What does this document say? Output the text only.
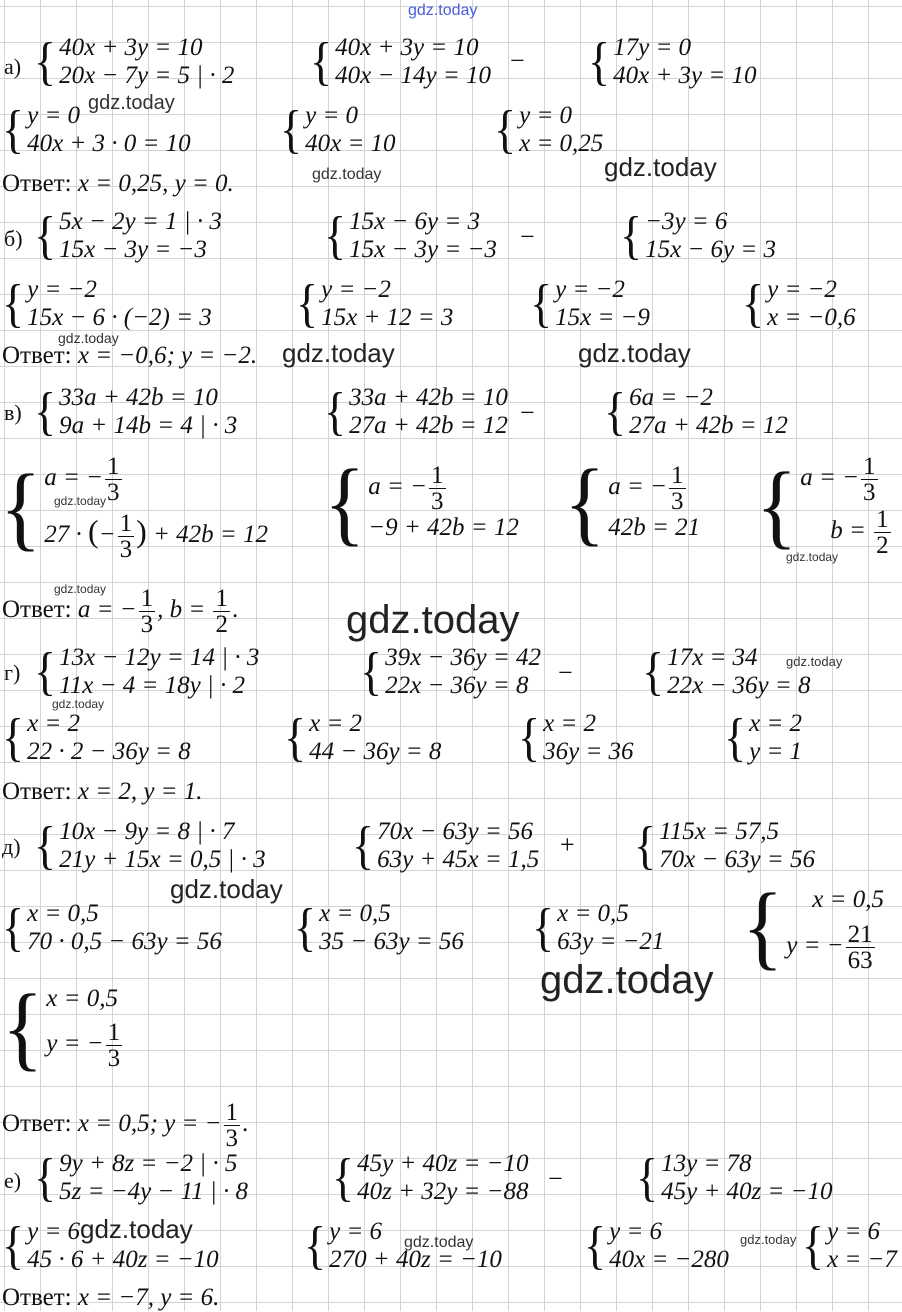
а) { 40x + 3y = 10
20x − 7y = 5 | · 2 { 40x + 3y = 10
40x − 14y = 10
− { 17y = 0
40x + 3y = 10
{ y = 0
40x + 3 · 0 = 10 { y = 0
40x = 10 { y = 0
x = 0,25
Ответ: x = 0,25, y = 0.
б) { 5x − 2y = 1 | · 3
15x − 3y = −3	{ 15x − 6y = 3
15x − 3y = −3 − { −3y = 6
15x − 6y = 3
{ y = −2
15x − 6 · (−2) = 3 { y = −2
15x + 12 = 3 { y = −2
15x = −9 { y = −2
x = −0,6
Ответ: x = −0,6; y = −2.
в) { 33a + 42b = 10
9a + 14b = 4 | · 3 { 33a + 42b = 10
27a + 42b = 12 − { 6a = −2
27a + 42b = 12
{ a = − $\frac{1}{3}$
27 · (− $\frac{1}{3}$ ) + 42b = 12 { a = − $\frac{1}{3}$
−9 + 42b = 12 { a = − $\frac{1}{3}$
42b = 21 { a = − $\frac{1}{3}$
$b = \frac{1}{2}$
Ответ: a = − $\frac{1}{3}$ , $b = \frac{1}{2}$ .
г) { 13x − 12y = 14 | · 3
11x − 4 = 18y | · 2	{ 39x − 36y = 42
22x − 36y = 8	− { 17x = 34
22x − 36y = 8
{ x = 2
22 · 2 − 36y = 8 { x = 2
44 − 36y = 8 { x = 2
36y = 36 { x = 2
y = 1
Ответ: x = 2, y = 1.
д) { 10x − 9y = 8 | · 7
21y + 15x = 0,5 | · 3 { 70x − 63y = 56
63y + 45x = 1,5
+ { 115x = 57,5
70x − 63y = 56
{ x = 0,5
70 · 0,5 − 63y = 56 { x = 0,5
35 − 63y = 56 { x = 0,5
63y = −21 {	x = 0,5
y = − $\frac{21}{63}$
{ x = 0,5
y = − $\frac{1}{3}$
Ответ: x = 0,5; y = − $\frac{1}{3}$ .
е) { 9y + 8z = −2 | · 5
5z = −4y − 11 | · 8 { 45y + 40z = −10
40z + 32y = −88 − { 13y = 78
45y + 40z = −10
{ y = 6
45 · 6 + 40z = −10 { y = 6
270 + 40z = −10 { y = 6
40x = −280 { y = 6
x = −7
Ответ: x = −7, y = 6.
gdz.today
gdz.today
gdz.today	gdz.today
gdz.today	gdz.today	gdz.today
gdz.today
gdz.today
gdz.today
gdz.today
gdz.today
gdz.today
gdz.today
gdz.today
gdz.today	gdz.today	gdz.today
